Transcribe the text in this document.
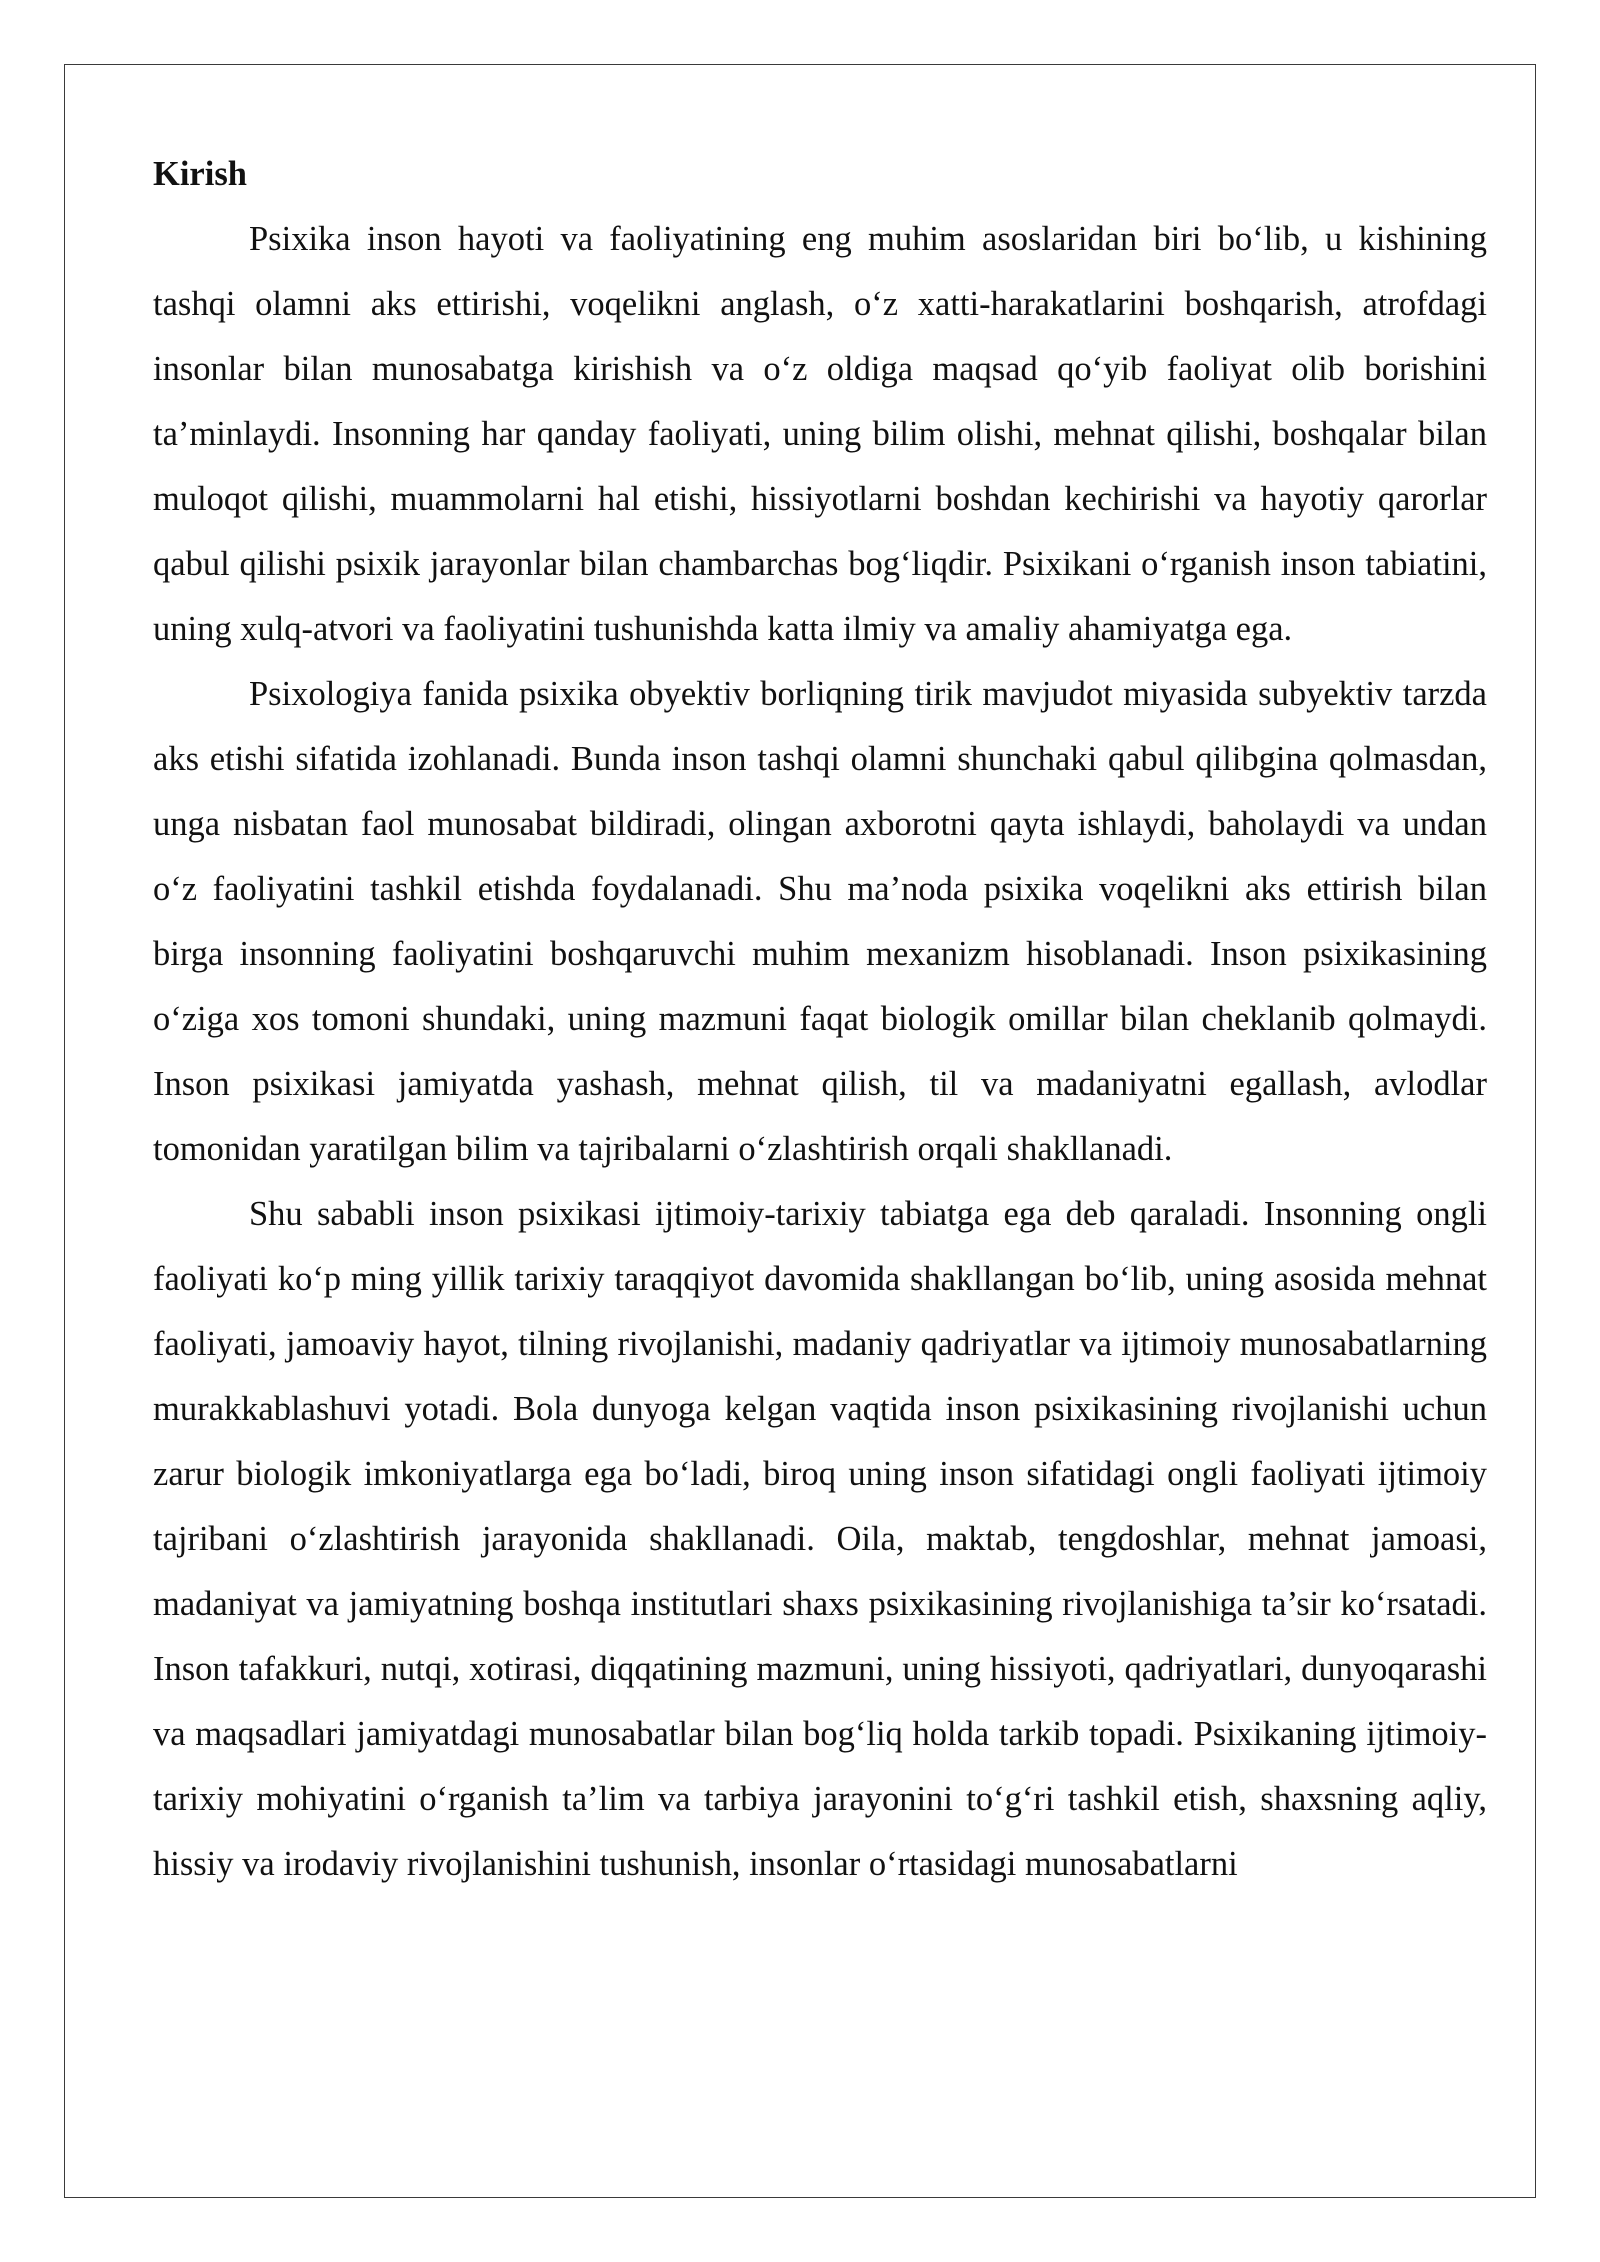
Kirish

Psixika inson hayoti va faoliyatining eng muhim asoslaridan biri bo‘lib, u kishining tashqi olamni aks ettirishi, voqelikni anglash, o‘z xatti-harakatlarini boshqarish, atrofdagi insonlar bilan munosabatga kirishish va o‘z oldiga maqsad qo‘yib faoliyat olib borishini ta’minlaydi. Insonning har qanday faoliyati, uning bilim olishi, mehnat qilishi, boshqalar bilan muloqot qilishi, muammolarni hal etishi, hissiyotlarni boshdan kechirishi va hayotiy qarorlar qabul qilishi psixik jarayonlar bilan chambarchas bog‘liqdir. Psixikani o‘rganish inson tabiatini, uning xulq-atvori va faoliyatini tushunishda katta ilmiy va amaliy ahamiyatga ega.

Psixologiya fanida psixika obyektiv borliqning tirik mavjudot miyasida subyektiv tarzda aks etishi sifatida izohlanadi. Bunda inson tashqi olamni shunchaki qabul qilibgina qolmasdan, unga nisbatan faol munosabat bildiradi, olingan axborotni qayta ishlaydi, baholaydi va undan o‘z faoliyatini tashkil etishda foydalanadi. Shu ma’noda psixika voqelikni aks ettirish bilan birga insonning faoliyatini boshqaruvchi muhim mexanizm hisoblanadi. Inson psixikasining o‘ziga xos tomoni shundaki, uning mazmuni faqat biologik omillar bilan cheklanib qolmaydi. Inson psixikasi jamiyatda yashash, mehnat qilish, til va madaniyatni egallash, avlodlar tomonidan yaratilgan bilim va tajribalarni o‘zlashtirish orqali shakllanadi.

Shu sababli inson psixikasi ijtimoiy-tarixiy tabiatga ega deb qaraladi. Insonning ongli faoliyati ko‘p ming yillik tarixiy taraqqiyot davomida shakllangan bo‘lib, uning asosida mehnat faoliyati, jamoaviy hayot, tilning rivojlanishi, madaniy qadriyatlar va ijtimoiy munosabatlarning murakkablashuvi yotadi. Bola dunyoga kelgan vaqtida inson psixikasining rivojlanishi uchun zarur biologik imkoniyatlarga ega bo‘ladi, biroq uning inson sifatidagi ongli faoliyati ijtimoiy tajribani o‘zlashtirish jarayonida shakllanadi. Oila, maktab, tengdoshlar, mehnat jamoasi, madaniyat va jamiyatning boshqa institutlari shaxs psixikasining rivojlanishiga ta’sir ko‘rsatadi. Inson tafakkuri, nutqi, xotirasi, diqqatining mazmuni, uning hissiyoti, qadriyatlari, dunyoqarashi va maqsadlari jamiyatdagi munosabatlar bilan bog‘liq holda tarkib topadi. Psixikaning ijtimoiy-tarixiy mohiyatini o‘rganish ta’lim va tarbiya jarayonini to‘g‘ri tashkil etish, shaxsning aqliy, hissiy va irodaviy rivojlanishini tushunish, insonlar o‘rtasidagi munosabatlarni
